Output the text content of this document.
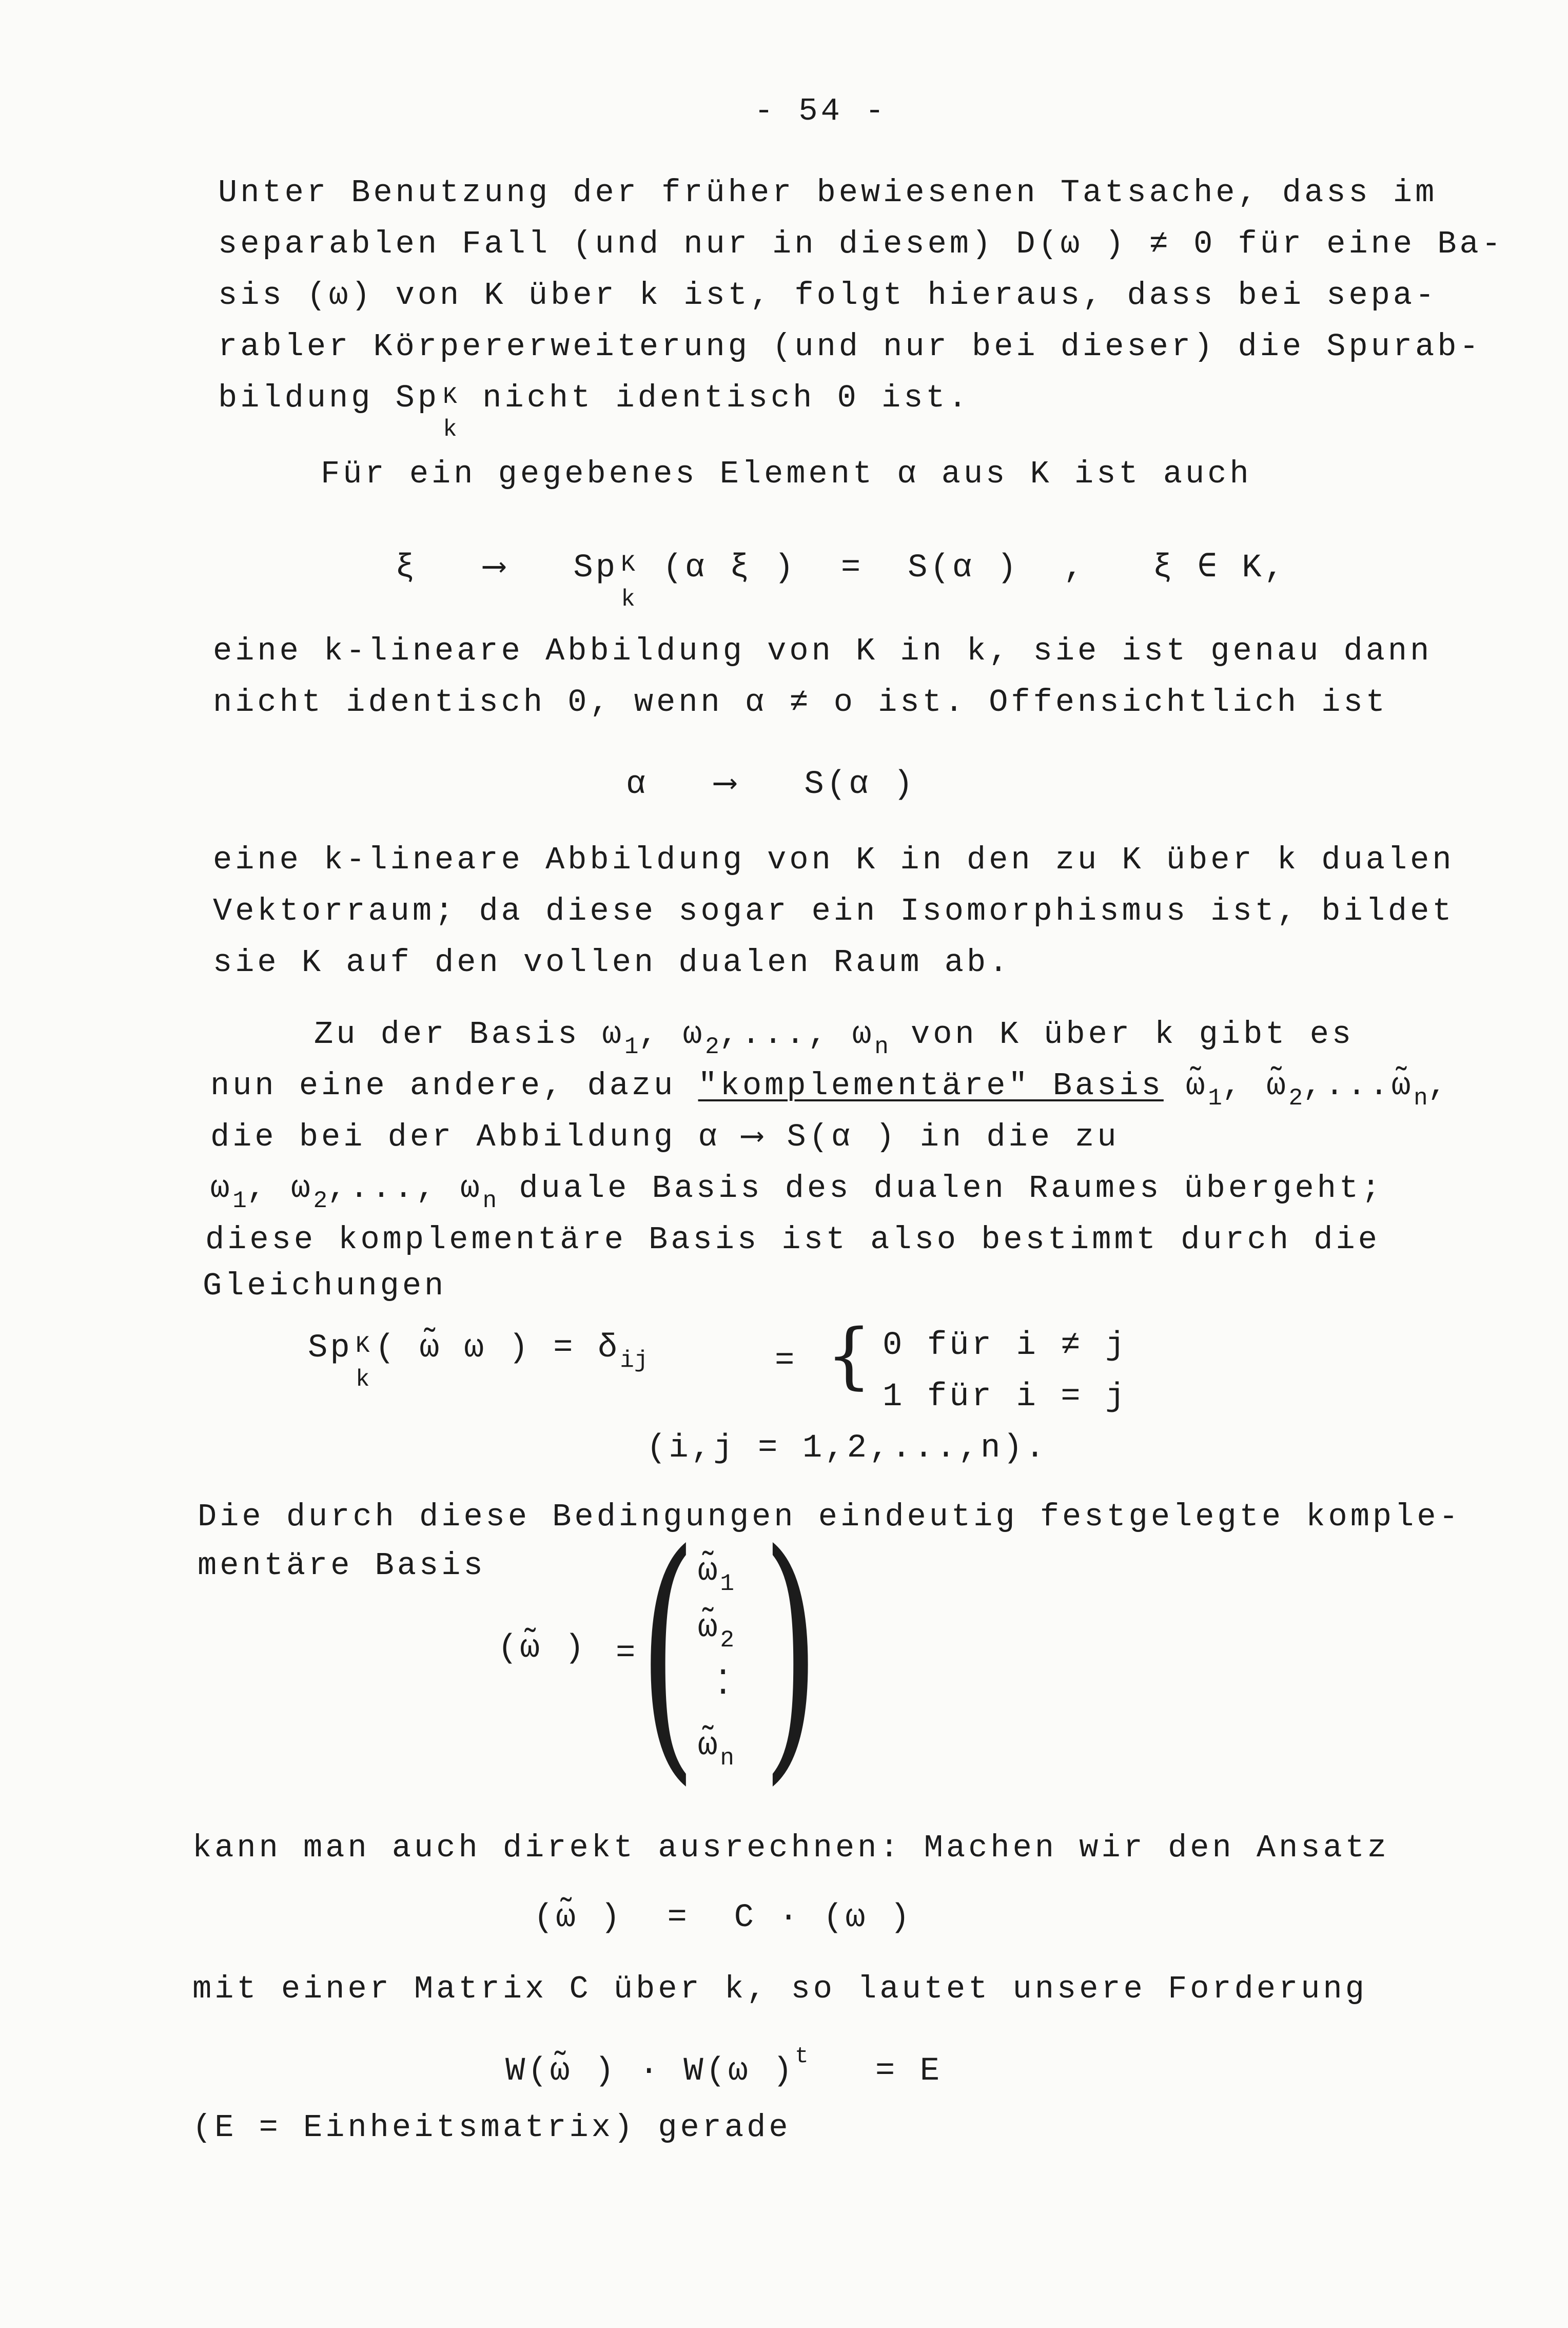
- 54 -
Unter Benutzung der früher bewiesenen Tatsache, dass im
separablen Fall (und nur in diesem) D(ω ) ≠ 0 für eine Ba-
sis (ω) von K über k ist, folgt hieraus, dass bei sepa-
rabler Körpererweiterung (und nur bei dieser) die Spurab-
bildung Sp K
k
nicht identisch 0 ist.
Für ein gegebenes Element α aus K ist auch
ξ ⟶ Sp K
k
(α ξ ) = S(α ) , ξ ∈ K,
eine k-lineare Abbildung von K in k, sie ist genau dann
nicht identisch 0, wenn α ≠ o ist. Offensichtlich ist
α   ⟶   S(α )
eine k-lineare Abbildung von K in den zu K über k dualen
Vektorraum; da diese sogar ein Isomorphismus ist, bildet
sie K auf den vollen dualen Raum ab.
Zu der Basis $\omega_1$, $\omega_2$,..., $\omega_n$ von K über k gibt es
nun eine andere, dazu "komplementäre" Basis $\omegã_1$, $\omegã_2,...\omegã_n$,
die bei der Abbildung α ⟶ S(α ) in die zu
$\omega_1$, $\omega_2$,..., $\omega_n$ duale Basis des dualen Raumes übergeht;
diese komplementäre Basis ist also bestimmt durch die
Gleichungen
Sp K
k
( ω̃ ω ) = $\delta_{ij}$	= { 0 für i ≠ j
1 für i = j
(i,j = 1,2,...,n).
Die durch diese Bedingungen eindeutig festgelegte komple-
mentäre Basis
(ω̃ ) = ( )
$\omegã_1$
$\omegã_2$
·
·
$\omegã_n$
kann man auch direkt ausrechnen: Machen wir den Ansatz
(ω̃ )  =  C · (ω )
mit einer Matrix C über k, so lautet unsere Forderung
W(ω̃ ) · W(ω )$^t$ = E
(E = Einheitsmatrix) gerade
